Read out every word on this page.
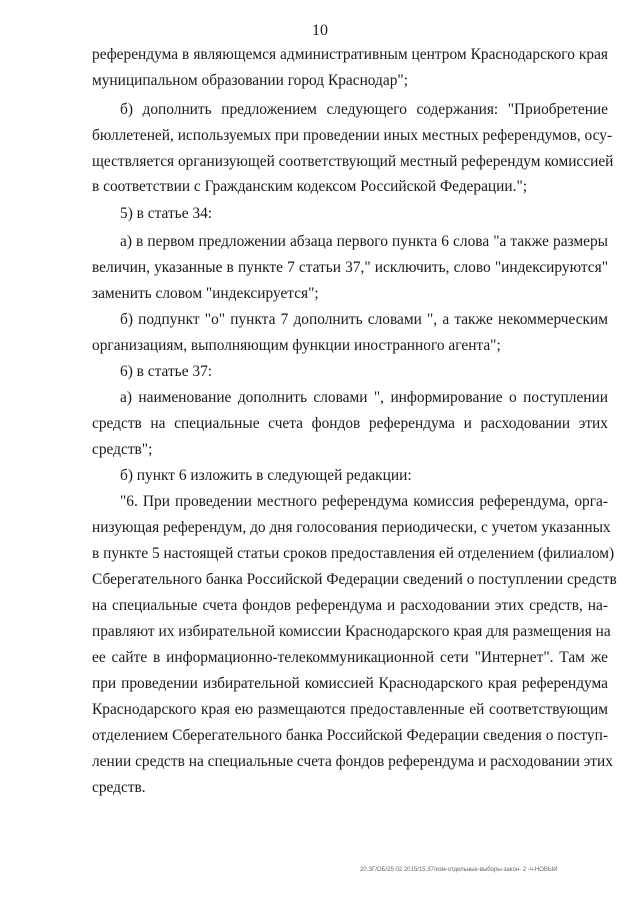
10
референдума в являющемся административным центром Краснодарского края
муниципальном образовании город Краснодар";
б) дополнить предложением следующего содержания: "Приобретение
бюллетеней, используемых при проведении иных местных референдумов, осу-
ществляется организующей соответствующий местный референдум комиссией
в соответствии с Гражданским кодексом Российской Федерации.";
5) в статье 34:
а) в первом предложении абзаца первого пункта 6 слова "а также размеры
величин, указанные в пункте 7 статьи 37," исключить, слово "индексируются"
заменить словом "индексируется";
б) подпункт "о" пункта 7 дополнить словами ", а также некоммерческим
организациям, выполняющим функции иностранного агента";
6) в статье 37:
а) наименование дополнить словами ", информирование о поступлении
средств на специальные счета фондов референдума и расходовании этих
средств";
б) пункт 6 изложить в следующей редакции:
"6. При проведении местного референдума комиссия референдума, орга-
низующая референдум, до дня голосования периодически, с учетом указанных
в пункте 5 настоящей статьи сроков предоставления ей отделением (филиалом)
Сберегательного банка Российской Федерации сведений о поступлении средств
на специальные счета фондов референдума и расходовании этих средств, на-
правляют их избирательной комиссии Краснодарского края для размещения на
ее сайте в информационно-телекоммуникационной сети "Интернет". Там же
при проведении избирательной комиссией Краснодарского края референдума
Краснодарского края ею размещаются предоставленные ей соответствующим
отделением Сберегательного банка Российской Федерации сведения о поступ-
лении средств на специальные счета фондов референдума и расходовании этих
средств.
20.ЗГ/ОБ/25 02 2015/15.37/изм-отдельные-выборы-закон- 2 -ч-НОВЫЙ
